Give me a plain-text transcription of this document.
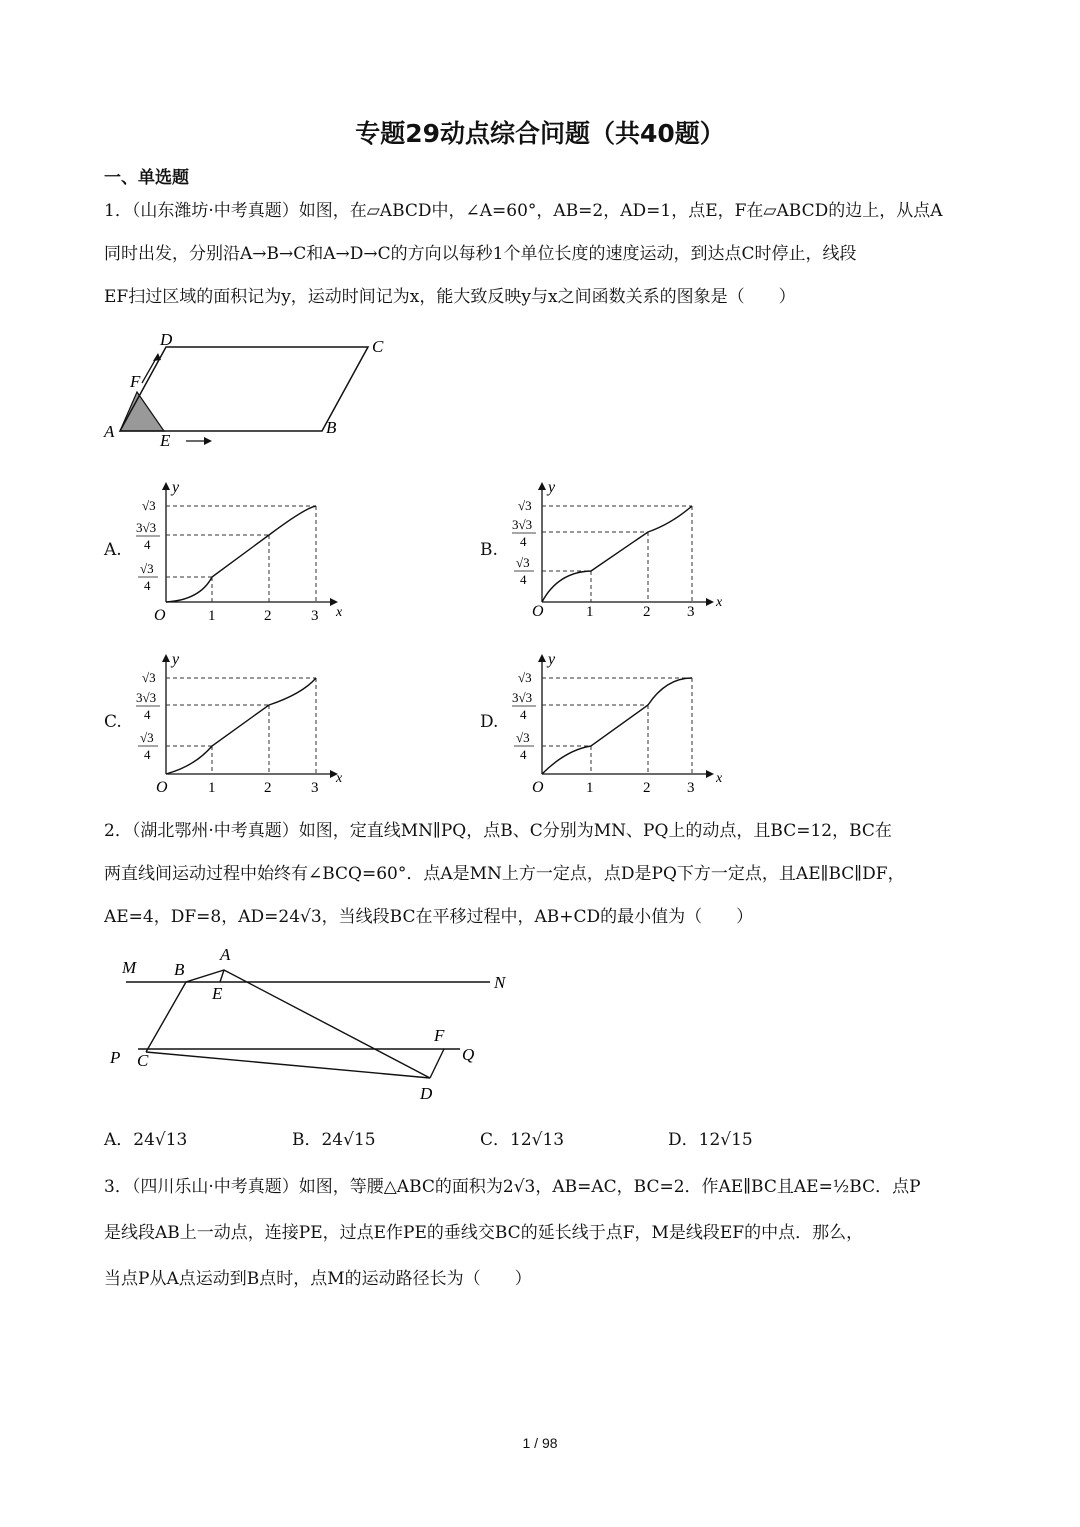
专题29动点综合问题（共40题）
一、单选题
1．（山东潍坊·中考真题）如图，在▱ABCD中，∠A=60°，AB=2，AD=1，点E，F在▱ABCD的边上，从点A
同时出发，分别沿A→B→C和A→D→C的方向以每秒1个单位长度的速度运动，到达点C时停止，线段
EF扫过区域的面积记为y，运动时间记为x，能大致反映y与x之间函数关系的图象是（　　）
A	E
B
C
D
F
A.	B.
C.	D.
y
x
O	1	2	3
√3
3√3
4
√3
4
y
x
O	1	2 3
√3
3√3
4
√3
4
y
x
O	1	2	3
√3
3√3
4
√3
4
y
x
O	1	2 3
√3
3√3
4
√3
4
2．（湖北鄂州·中考真题）如图，定直线MN∥PQ，点B、C分别为MN、PQ上的动点，且BC=12，BC在
两直线间运动过程中始终有∠BCQ=60°．点A是MN上方一定点，点D是PQ下方一定点，且AE∥BC∥DF，
AE=4，DF=8，AD=24√3，当线段BC在平移过程中，AB+CD的最小值为（　　）
M B
A
E
N
P C
F
Q
D
A．24√13	B．24√15	C．12√13	D．12√15
3．（四川乐山·中考真题）如图，等腰△ABC的面积为2√3，AB=AC，BC=2．作AE∥BC且AE=½BC．点P
是线段AB上一动点，连接PE，过点E作PE的垂线交BC的延长线于点F，M是线段EF的中点．那么，
当点P从A点运动到B点时，点M的运动路径长为（　　）
1 / 98
